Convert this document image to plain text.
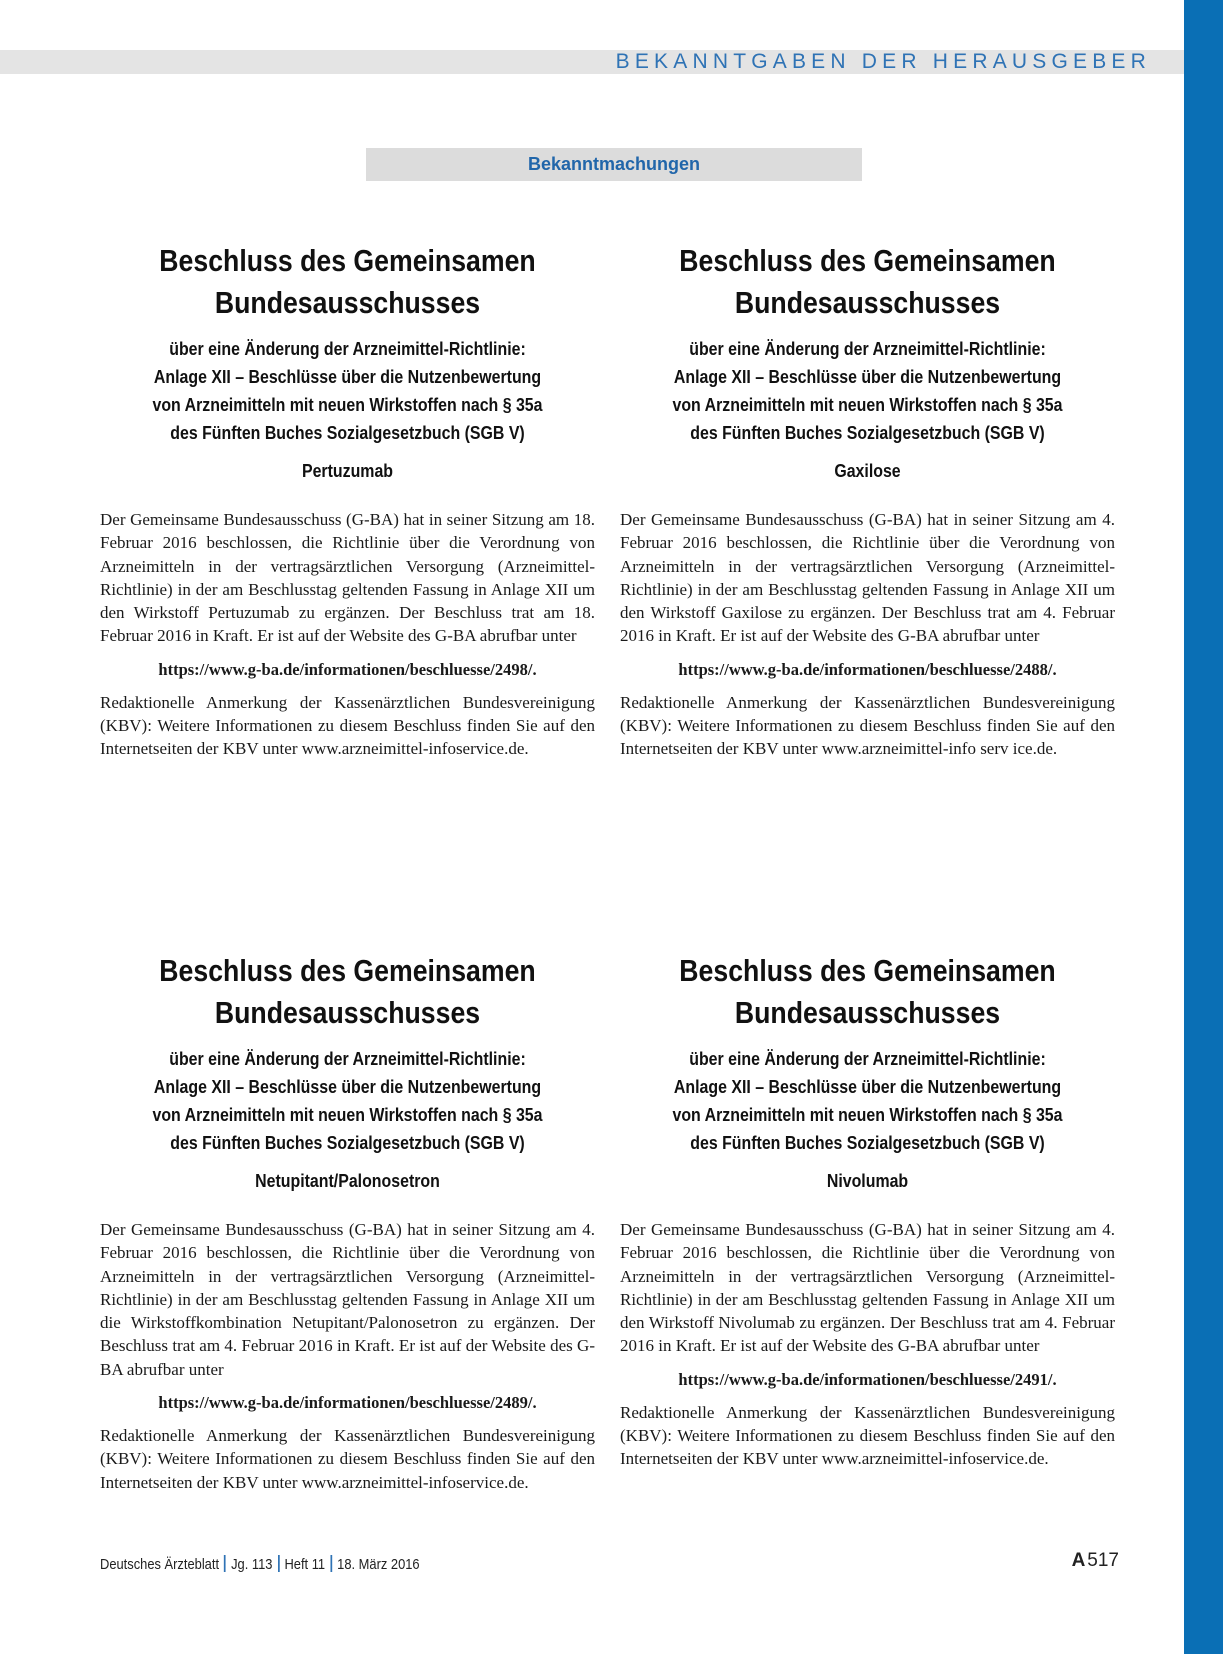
BEKANNTGABEN DER HERAUSGEBER
Bekanntmachungen
Beschluss des Gemeinsamen
Bundesausschusses
über eine Änderung der Arzneimittel-Richtlinie:
Anlage XII – Beschlüsse über die Nutzenbewertung
von Arzneimitteln mit neuen Wirkstoffen nach § 35a
des Fünften Buches Sozialgesetzbuch (SGB V)
Pertuzumab
Der Gemeinsame Bundesausschuss (G-BA) hat in seiner Sitzung am 18. Februar 2016 beschlossen, die Richtlinie über die Verordnung von Arzneimitteln in der vertragsärztlichen Versorgung (Arzneimittel-Richtlinie) in der am Beschlusstag geltenden Fassung in Anlage XII um den Wirkstoff Pertuzumab zu ergänzen. Der Beschluss trat am 18. Februar 2016 in Kraft. Er ist auf der Website des G-BA abrufbar unter
https://www.g-ba.de/informationen/beschluesse/2498/.
Redaktionelle Anmerkung der Kassenärztlichen Bundesvereinigung (KBV): Weitere Informationen zu diesem Beschluss finden Sie auf den Internetseiten der KBV unter www.arzneimittel-infoservice.de.
Beschluss des Gemeinsamen
Bundesausschusses
über eine Änderung der Arzneimittel-Richtlinie:
Anlage XII – Beschlüsse über die Nutzenbewertung
von Arzneimitteln mit neuen Wirkstoffen nach § 35a
des Fünften Buches Sozialgesetzbuch (SGB V)
Gaxilose
Der Gemeinsame Bundesausschuss (G-BA) hat in seiner Sitzung am 4. Februar 2016 beschlossen, die Richtlinie über die Verordnung von Arzneimitteln in der vertragsärztlichen Versorgung (Arzneimittel-Richtlinie) in der am Beschlusstag geltenden Fassung in Anlage XII um den Wirkstoff Gaxilose zu ergänzen. Der Beschluss trat am 4. Februar 2016 in Kraft. Er ist auf der Website des G-BA abrufbar unter
https://www.g-ba.de/informationen/beschluesse/2488/.
Redaktionelle Anmerkung der Kassenärztlichen Bundesvereinigung (KBV): Weitere Informationen zu diesem Beschluss finden Sie auf den Internetseiten der KBV unter www.arzneimittel-info serv ice.de.
Beschluss des Gemeinsamen
Bundesausschusses
über eine Änderung der Arzneimittel-Richtlinie:
Anlage XII – Beschlüsse über die Nutzenbewertung
von Arzneimitteln mit neuen Wirkstoffen nach § 35a
des Fünften Buches Sozialgesetzbuch (SGB V)
Netupitant/Palonosetron
Der Gemeinsame Bundesausschuss (G-BA) hat in seiner Sitzung am 4. Februar 2016 beschlossen, die Richtlinie über die Verordnung von Arzneimitteln in der vertragsärztlichen Versorgung (Arzneimittel-Richtlinie) in der am Beschlusstag geltenden Fassung in Anlage XII um die Wirkstoffkombination Netupitant/Palonosetron zu ergänzen. Der Beschluss trat am 4. Februar 2016 in Kraft. Er ist auf der Website des G-BA abrufbar unter
https://www.g-ba.de/informationen/beschluesse/2489/.
Redaktionelle Anmerkung der Kassenärztlichen Bundesvereinigung (KBV): Weitere Informationen zu diesem Beschluss finden Sie auf den Internetseiten der KBV unter www.arzneimittel-infoservice.de.
Beschluss des Gemeinsamen
Bundesausschusses
über eine Änderung der Arzneimittel-Richtlinie:
Anlage XII – Beschlüsse über die Nutzenbewertung
von Arzneimitteln mit neuen Wirkstoffen nach § 35a
des Fünften Buches Sozialgesetzbuch (SGB V)
Nivolumab
Der Gemeinsame Bundesausschuss (G-BA) hat in seiner Sitzung am 4. Februar 2016 beschlossen, die Richtlinie über die Verordnung von Arzneimitteln in der vertragsärztlichen Versorgung (Arzneimittel-Richtlinie) in der am Beschlusstag geltenden Fassung in Anlage XII um den Wirkstoff Nivolumab zu ergänzen. Der Beschluss trat am 4. Februar 2016 in Kraft. Er ist auf der Website des G-BA abrufbar unter
https://www.g-ba.de/informationen/beschluesse/2491/.
Redaktionelle Anmerkung der Kassenärztlichen Bundesvereinigung (KBV): Weitere Informationen zu diesem Beschluss finden Sie auf den Internetseiten der KBV unter www.arzneimittel-infoservice.de.
Deutsches Ärzteblatt Jg. 113 Heft 11 18. März 2016	A 517
